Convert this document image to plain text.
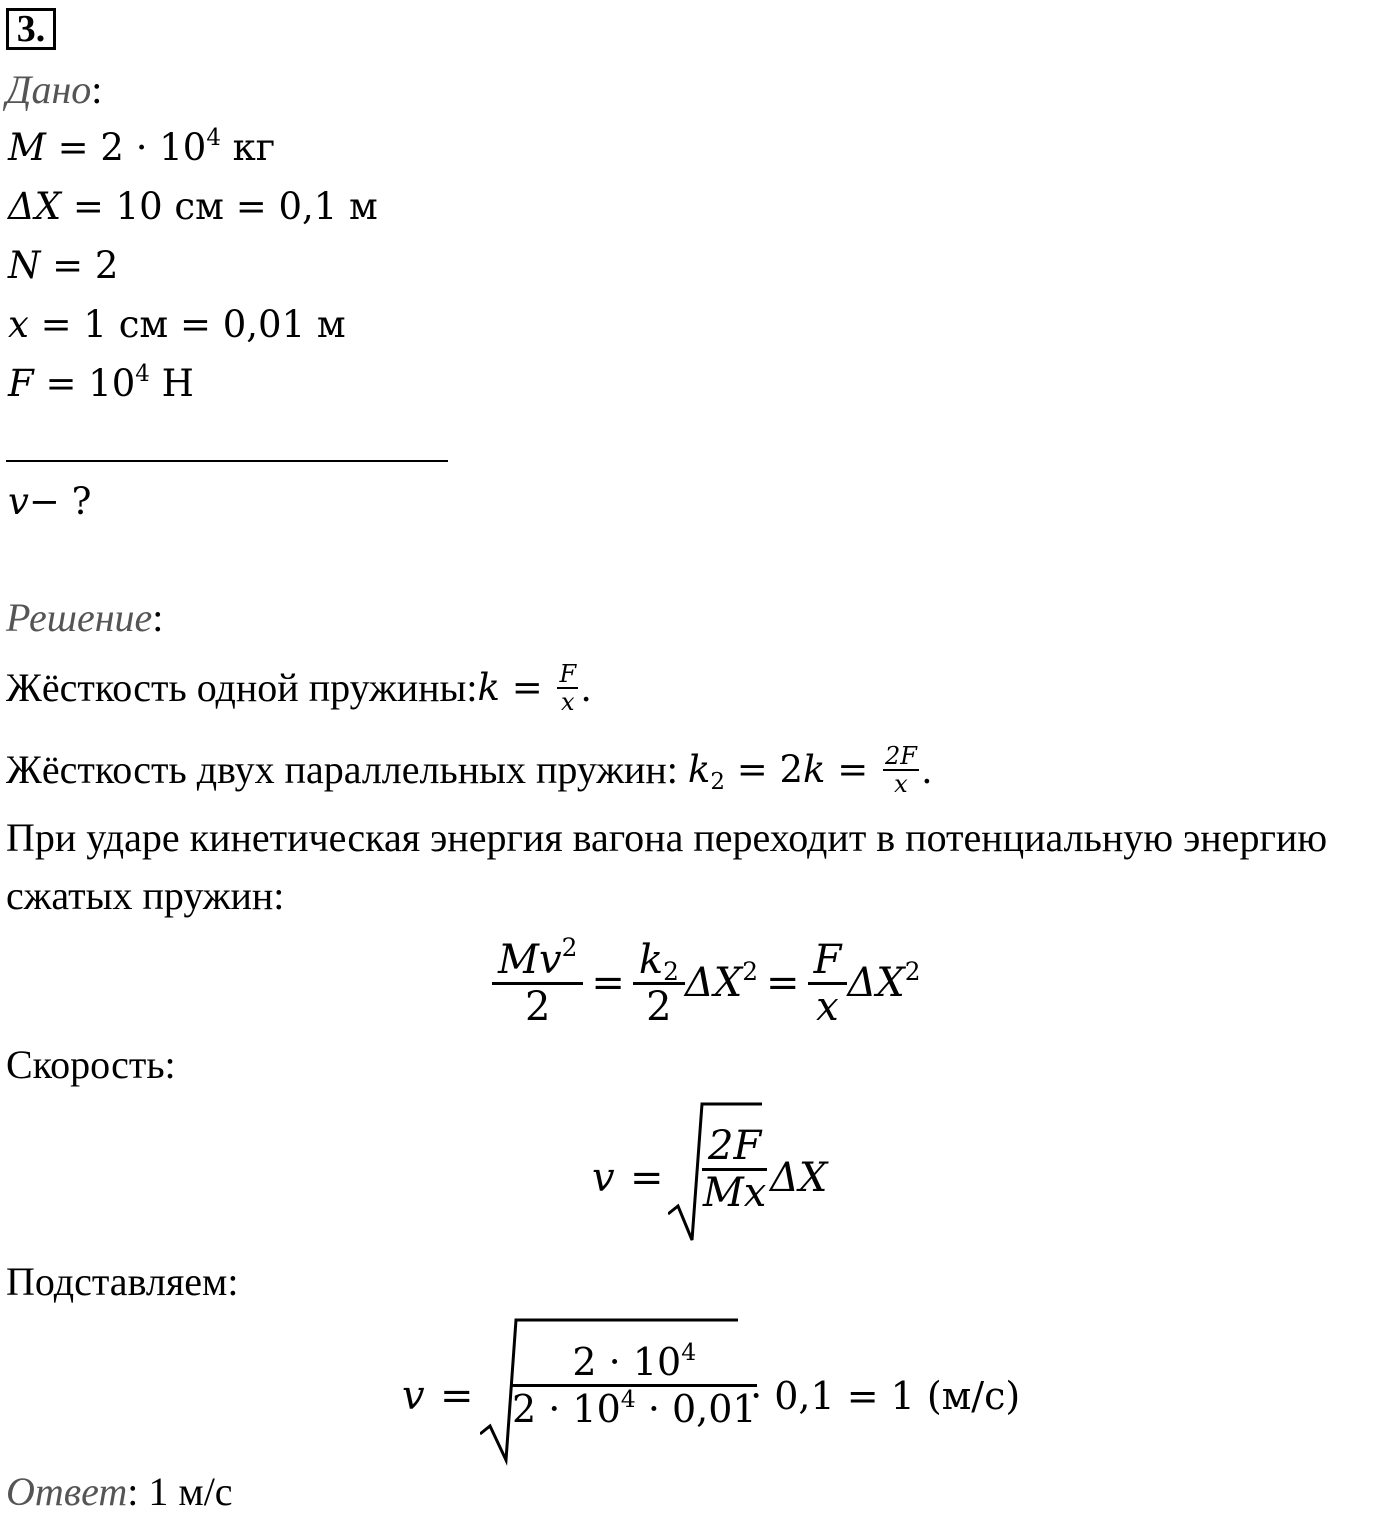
3.
Дано:
$M = 2 \cdot 10^4$ кг
ΔX = 10 см = 0,1 м
N = 2
x = 1 см = 0,01 м
$F = 10^4$ Н
v− ?
Решение:
Жёсткость одной пружины: $k = \frac{F}{x}$ .
Жёсткость двух параллельных пружин: $k_2 = 2$ $k = \frac{2F}{x}$ .
При ударе кинетическая энергия вагона переходит в потенциальную энергию
сжатых пружин:
$\frac{Mv^2}{2} = \frac{k_2}{2} \Delta X^2 = \frac{F}{x} \Delta X^2$
Скорость:
$v = \frac{2F}{Mx}$ ΔX
Подставляем:
$v = \frac{2 \cdot 10^4}{2 \cdot 10^4 \cdot 0,01}$
· 0,1 = 1 (м/с)
Ответ: 1 м/с
